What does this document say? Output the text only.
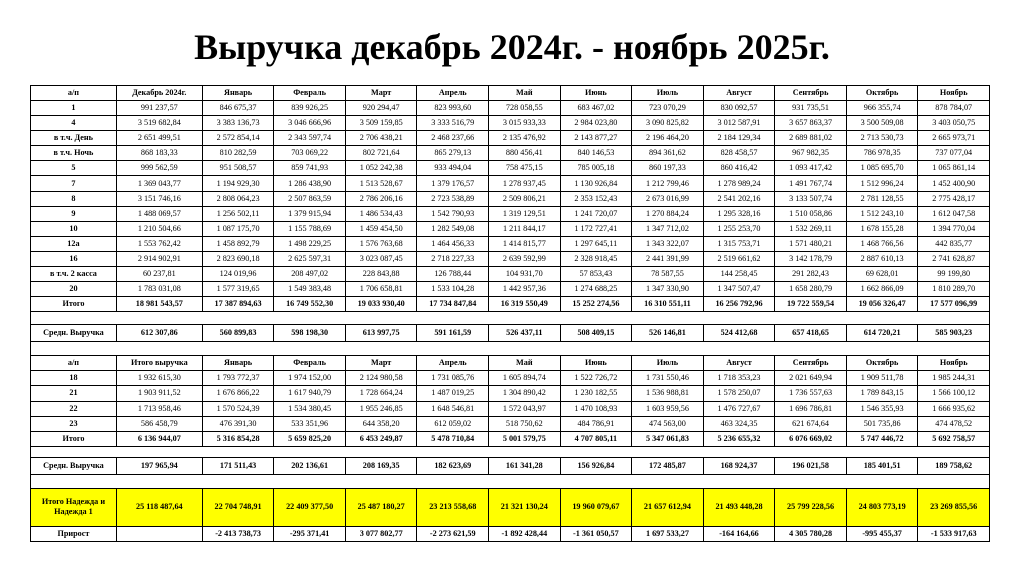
Выручка декабрь 2024г. - ноябрь 2025г.
а/п	Декабрь 2024г.	Январь	Февраль	Март	Апрель	Май	Июнь	Июль	Август	Сентябрь	Октябрь	Ноябрь
1	991 237,57	846 675,37	839 926,25	920 294,47	823 993,60	728 058,55	683 467,02	723 070,29	830 092,57	931 735,51	966 355,74	878 784,07
4	3 519 682,84	3 383 136,73	3 046 666,96	3 509 159,85	3 333 516,79	3 015 933,33	2 984 023,80	3 090 825,82	3 012 587,91	3 657 863,37	3 500 509,08	3 403 050,75
в т.ч. День	2 651 499,51	2 572 854,14	2 343 597,74	2 706 438,21	2 468 237,66	2 135 476,92	2 143 877,27	2 196 464,20	2 184 129,34	2 689 881,02	2 713 530,73	2 665 973,71
в т.ч. Ночь	868 183,33	810 282,59	703 069,22	802 721,64	865 279,13	880 456,41	840 146,53	894 361,62	828 458,57	967 982,35	786 978,35	737 077,04
5	999 562,59	951 508,57	859 741,93	1 052 242,38	933 494,04	758 475,15	785 005,18	860 197,33	860 416,42	1 093 417,42	1 085 695,70	1 065 861,14
7	1 369 043,77	1 194 929,30	1 286 438,90	1 513 528,67	1 379 176,57	1 278 937,45	1 130 926,84	1 212 799,46	1 278 989,24	1 491 767,74	1 512 996,24	1 452 400,90
8	3 151 746,16	2 808 064,23	2 507 863,59	2 786 206,16	2 723 538,89	2 509 806,21	2 353 152,43	2 673 016,99	2 541 202,16	3 133 507,74	2 781 128,55	2 775 428,17
9	1 488 069,57	1 256 502,11	1 379 915,94	1 486 534,43	1 542 790,93	1 319 129,51	1 241 720,07	1 270 884,24	1 295 328,16	1 510 058,86	1 512 243,10	1 612 047,58
10	1 210 504,66	1 087 175,70	1 155 788,69	1 459 454,50	1 282 549,08	1 211 844,17	1 172 727,41	1 347 712,02	1 255 253,70	1 532 269,11	1 678 155,28	1 394 770,04
12а	1 553 762,42	1 458 892,79	1 498 229,25	1 576 763,68	1 464 456,33	1 414 815,77	1 297 645,11	1 343 322,07	1 315 753,71	1 571 480,21	1 468 766,56	442 835,77
16	2 914 902,91	2 823 690,18	2 625 597,31	3 023 087,45	2 718 227,33	2 639 592,99	2 328 918,45	2 441 391,99	2 519 661,62	3 142 178,79	2 887 610,13	2 741 628,87
в т.ч. 2 касса	60 237,81	124 019,96	208 497,02	228 843,88	126 788,44	104 931,70	57 853,43	78 587,55	144 258,45	291 282,43	69 628,01	99 199,80
20	1 783 031,08	1 577 319,65	1 549 383,48	1 706 658,81	1 533 104,28	1 442 957,36	1 274 688,25	1 347 330,90	1 347 507,47	1 658 280,79	1 662 866,09	1 810 289,70
Итого	18 981 543,57	17 387 894,63	16 749 552,30	19 033 930,40	17 734 847,84	16 319 550,49	15 252 274,56	16 310 551,11	16 256 792,96	19 722 559,54	19 056 326,47	17 577 096,99

Средн. Выручка	612 307,86	560 899,83	598 198,30	613 997,75	591 161,59	526 437,11	508 409,15	526 146,81	524 412,68	657 418,65	614 720,21	585 903,23

а/п	Итого выручка	Январь	Февраль	Март	Апрель	Май	Июнь	Июль	Август	Сентябрь	Октябрь	Ноябрь
18	1 932 615,30	1 793 772,37	1 974 152,00	2 124 980,58	1 731 085,76	1 605 894,74	1 522 726,72	1 731 550,46	1 718 353,23	2 021 649,94	1 909 511,78	1 985 244,31
21	1 903 911,52	1 676 866,22	1 617 940,79	1 728 664,24	1 487 019,25	1 304 890,42	1 230 182,55	1 536 988,81	1 578 250,07	1 736 557,63	1 789 843,15	1 566 100,12
22	1 713 958,46	1 570 524,39	1 534 380,45	1 955 246,85	1 648 546,81	1 572 043,97	1 470 108,93	1 603 959,56	1 476 727,67	1 696 786,81	1 546 355,93	1 666 935,62
23	586 458,79	476 391,30	533 351,96	644 358,20	612 059,02	518 750,62	484 786,91	474 563,00	463 324,35	621 674,64	501 735,86	474 478,52
Итого	6 136 944,07	5 316 854,28	5 659 825,20	6 453 249,87	5 478 710,84	5 001 579,75	4 707 805,11	5 347 061,83	5 236 655,32	6 076 669,02	5 747 446,72	5 692 758,57

Средн. Выручка	197 965,94	171 511,43	202 136,61	208 169,35	182 623,69	161 341,28	156 926,84	172 485,87	168 924,37	196 021,58	185 401,51	189 758,62

Итого Надежда и Надежда 1	25 118 487,64	22 704 748,91	22 409 377,50	25 487 180,27	23 213 558,68	21 321 130,24	19 960 079,67	21 657 612,94	21 493 448,28	25 799 228,56	24 803 773,19	23 269 855,56
Прирост		-2 413 738,73	-295 371,41	3 077 802,77	-2 273 621,59	-1 892 428,44	-1 361 050,57	1 697 533,27	-164 164,66	4 305 780,28	-995 455,37	-1 533 917,63
